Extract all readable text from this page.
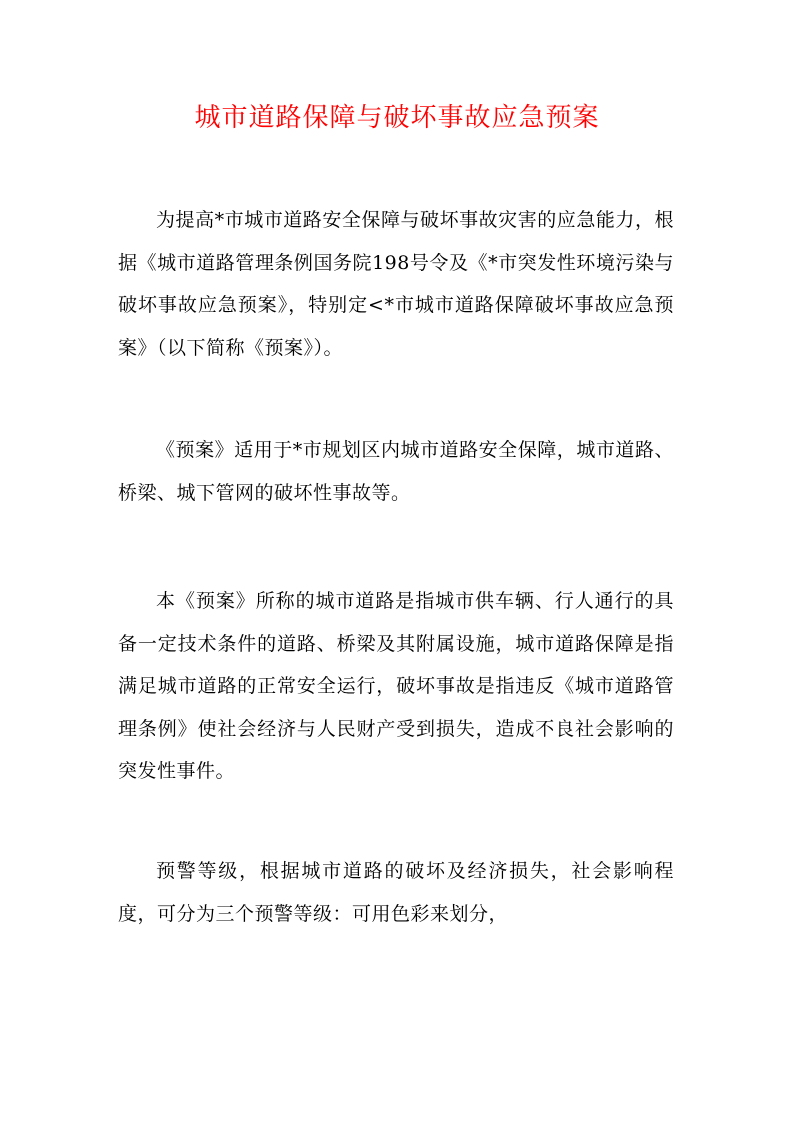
城市道路保障与破坏事故应急预案

为提高*市城市道路安全保障与破坏事故灾害的应急能力，根据《城市道路管理条例国务院198号令及《*市突发性环境污染与破坏事故应急预案》，特别定<*市城市道路保障破坏事故应急预案》（以下简称《预案》）。

《预案》适用于*市规划区内城市道路安全保障，城市道路、桥梁、城下管网的破坏性事故等。

本《预案》所称的城市道路是指城市供车辆、行人通行的具备一定技术条件的道路、桥梁及其附属设施，城市道路保障是指满足城市道路的正常安全运行，破坏事故是指违反《城市道路管理条例》使社会经济与人民财产受到损失，造成不良社会影响的突发性事件。

预警等级，根据城市道路的破坏及经济损失，社会影响程度，可分为三个预警等级：可用色彩来划分，
